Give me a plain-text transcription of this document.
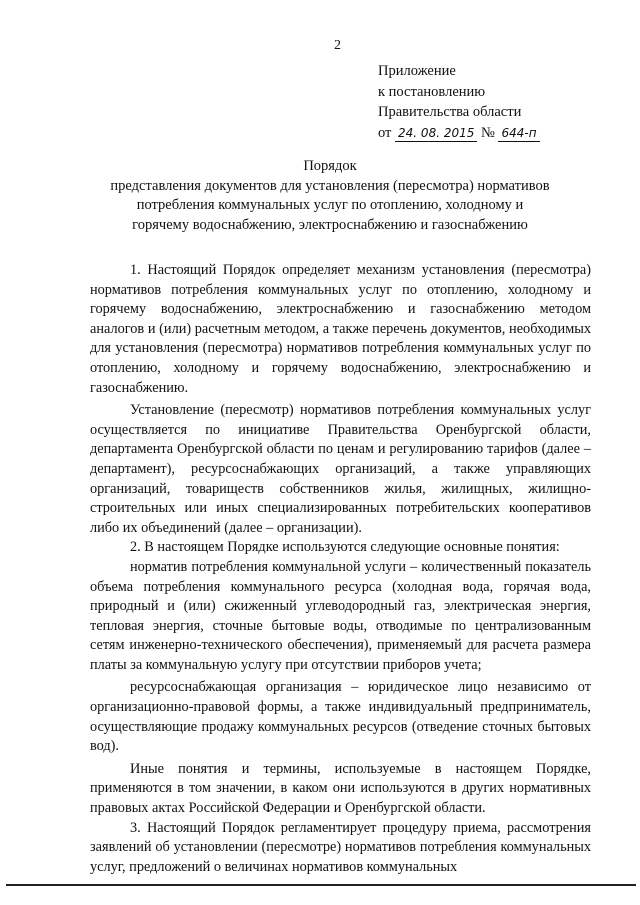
2
Приложение
к постановлению
Правительства области
от 24. 08. 2015 № 644-п
Порядок
представления документов для установления (пересмотра) нормативов
потребления коммунальных услуг по отоплению, холодному и
горячему водоснабжению, электроснабжению и газоснабжению

1. Настоящий Порядок определяет механизм установления (пересмотра) нормативов потребления коммунальных услуг по отоплению, холодному и горячему водоснабжению, электроснабжению и газоснабжению методом аналогов и (или) расчетным методом, а также перечень документов, необходимых для установления (пересмотра) нормативов потребления коммунальных услуг по отоплению, холодному и горячему водоснабжению, электроснабжению и газоснабжению.

Установление (пересмотр) нормативов потребления коммунальных услуг осуществляется по инициативе Правительства Оренбургской области, департамента Оренбургской области по ценам и регулированию тарифов (далее – департамент), ресурсоснабжающих организаций, а также управляющих организаций, товариществ собственников жилья, жилищных, жилищно-строительных или иных специализированных потребительских кооперативов либо их объединений (далее – организации).

2. В настоящем Порядке используются следующие основные понятия:

норматив потребления коммунальной услуги – количественный показатель объема потребления коммунального ресурса (холодная вода, горячая вода, природный и (или) сжиженный углеводородный газ, электрическая энергия, тепловая энергия, сточные бытовые воды, отводимые по централизованным сетям инженерно-технического обеспечения), применяемый для расчета размера платы за коммунальную услугу при отсутствии приборов учета;

ресурсоснабжающая организация – юридическое лицо независимо от организационно-правовой формы, а также индивидуальный предприниматель, осуществляющие продажу коммунальных ресурсов (отведение сточных бытовых вод).

Иные понятия и термины, используемые в настоящем Порядке, применяются в том значении, в каком они используются в других нормативных правовых актах Российской Федерации и Оренбургской области.

3. Настоящий Порядок регламентирует процедуру приема, рассмотрения заявлений об установлении (пересмотре) нормативов потребления коммунальных услуг, предложений о величинах нормативов коммунальных
